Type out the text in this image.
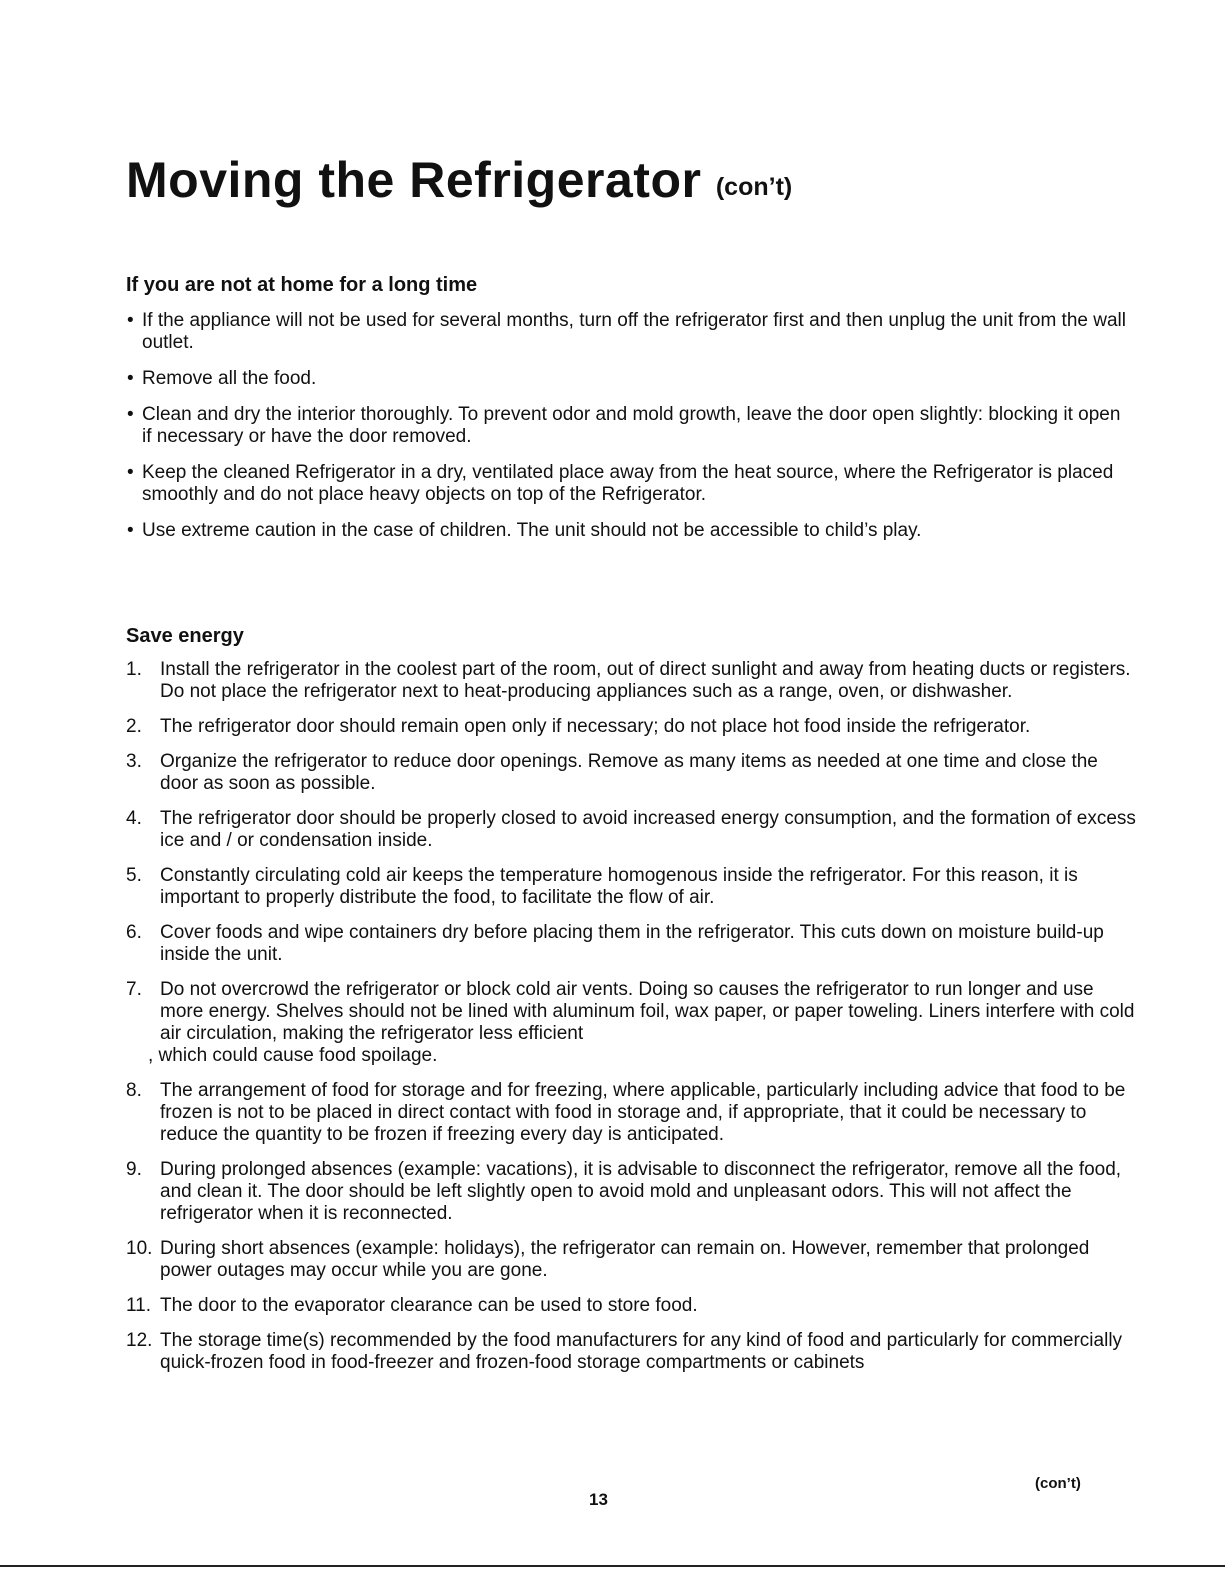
Moving the Refrigerator (con’t)
If you are not at home for a long time
• If the appliance will not be used for several months, turn off the refrigerator first and then unplug the unit from the wall outlet.
• Remove all the food.
• Clean and dry the interior thoroughly. To prevent odor and mold growth, leave the door open slightly: blocking it open if necessary or have the door removed.
• Keep the cleaned Refrigerator in a dry, ventilated place away from the heat source, where the Refrigerator is placed smoothly and do not place heavy objects on top of the Refrigerator.
• Use extreme caution in the case of children. The unit should not be accessible to child’s play.
Save energy
1. Install the refrigerator in the coolest part of the room, out of direct sunlight and away from heating ducts or registers. Do not place the refrigerator next to heat-producing appliances such as a range, oven, or dishwasher.
2. The refrigerator door should remain open only if necessary; do not place hot food inside the refrigerator.
3. Organize the refrigerator to reduce door openings. Remove as many items as needed at one time and close the door as soon as possible.
4. The refrigerator door should be properly closed to avoid increased energy consumption, and the formation of excess ice and / or condensation inside.
5. Constantly circulating cold air keeps the temperature homogenous inside the refrigerator. For this reason, it is important to properly distribute the food, to facilitate the flow of air.
6. Cover foods and wipe containers dry before placing them in the refrigerator. This cuts down on moisture build-up inside the unit.
7. Do not overcrowd the refrigerator or block cold air vents. Doing so causes the refrigerator to run longer and use more energy. Shelves should not be lined with aluminum foil, wax paper, or paper toweling. Liners interfere with cold air circulation, making the refrigerator less efficient
, which could cause food spoilage.
8. The arrangement of food for storage and for freezing, where applicable, particularly including advice that food to be frozen is not to be placed in direct contact with food in storage and, if appropriate, that it could be necessary to reduce the quantity to be frozen if freezing every day is anticipated.
9. During prolonged absences (example: vacations), it is advisable to disconnect the refrigerator, remove all the food, and clean it. The door should be left slightly open to avoid mold and unpleasant odors. This will not affect the refrigerator when it is reconnected.
10. During short absences (example: holidays), the refrigerator can remain on. However, remember that prolonged power outages may occur while you are gone.
11. The door to the evaporator clearance can be used to store food.
12. The storage time(s) recommended by the food manufacturers for any kind of food and particularly for commercially quick-frozen food in food-freezer and frozen-food storage compartments or cabinets
(con’t)
13
